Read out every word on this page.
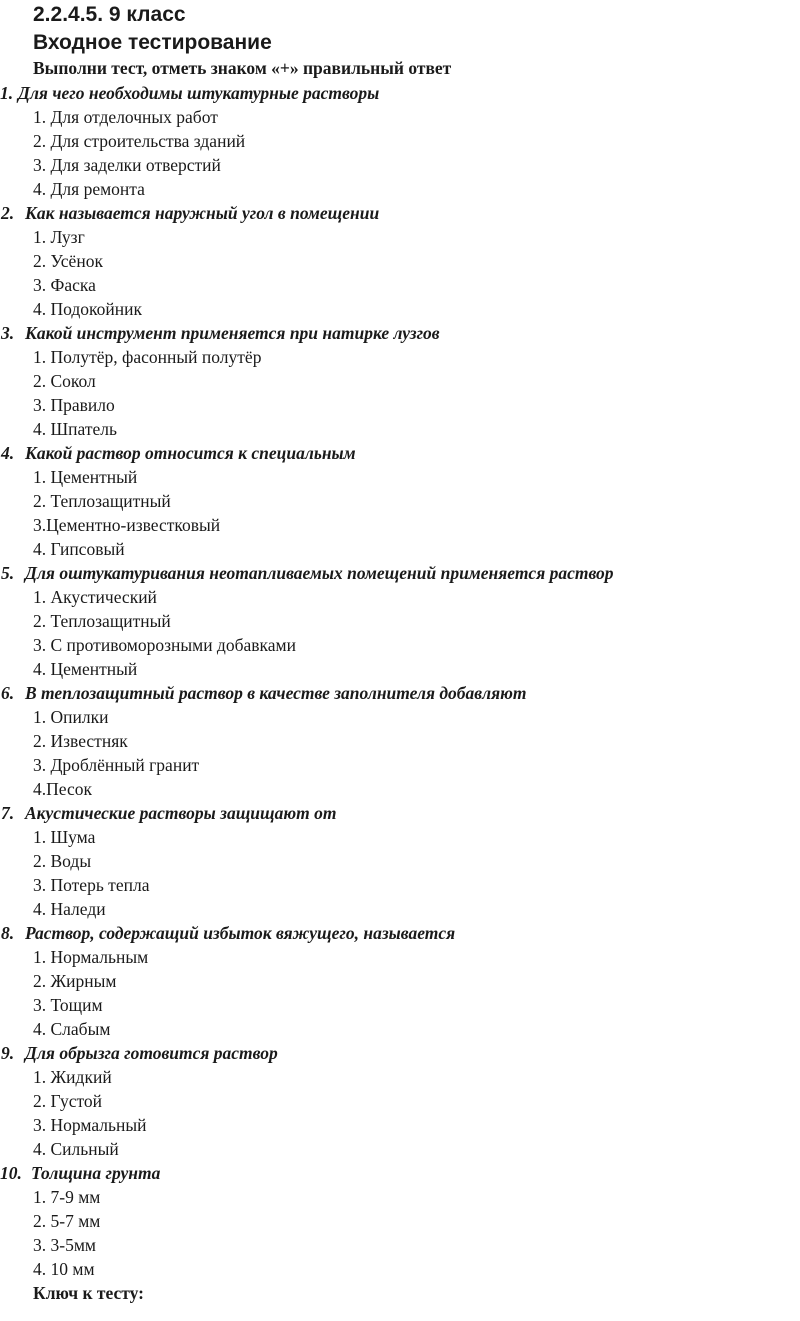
2.2.4.5. 9 класс
Входное тестирование
Выполни тест, отметь знаком «+» правильный ответ
1. Для чего необходимы штукатурные растворы
1. Для отделочных работ
2. Для строительства зданий
3. Для заделки отверстий
4. Для ремонта
2. Как называется наружный угол в помещении
1. Лузг
2. Усёнок
3. Фаска
4. Подокойник
3. Какой инструмент применяется при натирке лузгов
1. Полутёр, фасонный полутёр
2. Сокол
3. Правило
4. Шпатель
4. Какой раствор относится к специальным
1. Цементный
2. Теплозащитный
3.Цементно-известковый
4. Гипсовый
5. Для оштукатуривания неотапливаемых помещений применяется раствор
1. Акустический
2. Теплозащитный
3. С противоморозными добавками
4. Цементный
6. В теплозащитный раствор в качестве заполнителя добавляют
1. Опилки
2. Известняк
3. Дроблённый гранит
4.Песок
7. Акустические растворы защищают от
1. Шума
2. Воды
3. Потерь тепла
4. Наледи
8. Раствор, содержащий избыток вяжущего, называется
1. Нормальным
2. Жирным
3. Тощим
4. Слабым
9. Для обрызга готовится раствор
1. Жидкий
2. Густой
3. Нормальный
4. Сильный
10. Толщина грунта
1. 7-9 мм
2. 5-7 мм
3. 3-5мм
4. 10 мм
Ключ к тесту:
